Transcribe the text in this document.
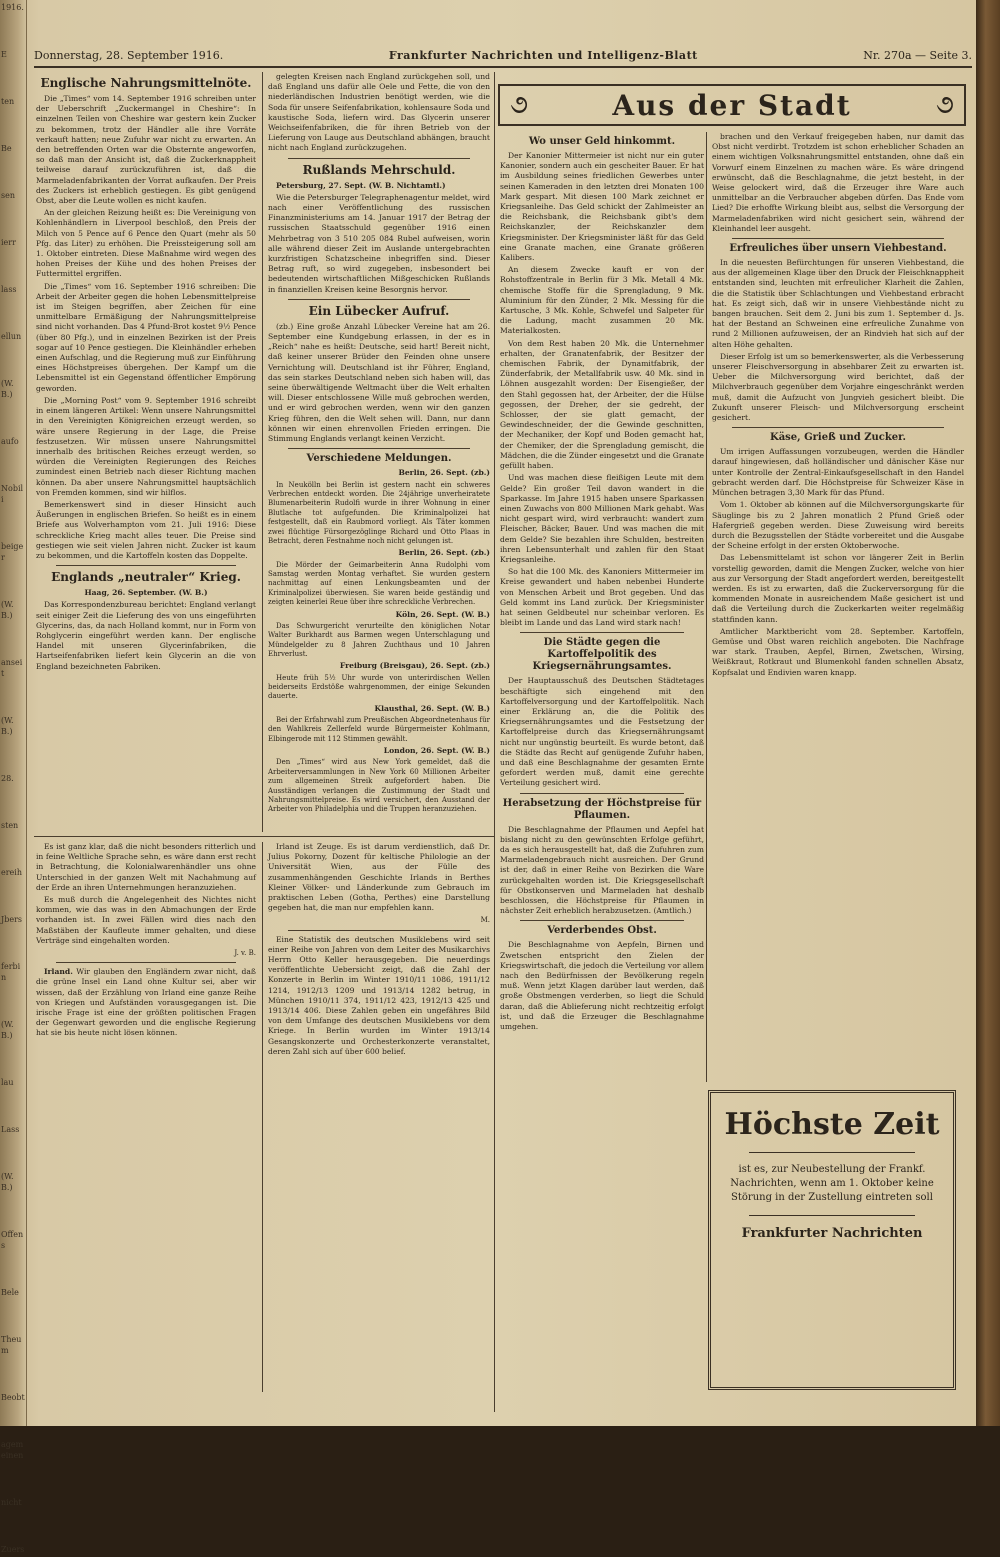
1916.
E
ten
Be
sen
ierr
lass
ellun
(W. B.)
aufo
Nobili
beiger
(W. B.)
anseit
(W. B.)
28.
sten
ereih
Jbers
ferbin
(W. B.)
lau
Lass
(W. B.)
Offens
Bele
Theum
Beobt
agemeinen
nicht
Zuers
Donnerstag, 28. September 1916.	Frankfurter Nachrichten und Intelligenz-Blatt	Nr. 270a — Seite 3.
Englische Nahrungsmittelnöte.

Die „Times“ vom 14. September 1916 schreiben unter der Ueberschrift „Zuckermangel in Cheshire“: In einzelnen Teilen von Cheshire war gestern kein Zucker zu bekommen, trotz der Händler alle ihre Vorräte verkauft hatten; neue Zufuhr war nicht zu erwarten. An den betreffenden Orten war die Obsternte angeworfen, so daß man der Ansicht ist, daß die Zuckerknappheit teilweise darauf zurückzuführen ist, daß die Marmeladenfabrikanten der Vorrat aufkaufen. Der Preis des Zuckers ist erheblich gestiegen. Es gibt genügend Obst, aber die Leute wollen es nicht kaufen.

An der gleichen Reizung heißt es: Die Vereinigung von Kohlenhändlern in Liverpool beschloß, den Preis der Milch von 5 Pence auf 6 Pence den Quart (mehr als 50 Pfg. das Liter) zu erhöhen. Die Preissteigerung soll am 1. Oktober eintreten. Diese Maßnahme wird wegen des hohen Preises der Kühe und des hohen Preises der Futtermittel ergriffen.

Die „Times“ vom 16. September 1916 schreiben: Die Arbeit der Arbeiter gegen die hohen Lebensmittelpreise ist im Steigen begriffen, aber Zeichen für eine unmittelbare Ermäßigung der Nahrungsmittelpreise sind nicht vorhanden. Das 4 Pfund-Brot kostet 9½ Pence (über 80 Pfg.), und in einzelnen Bezirken ist der Preis sogar auf 10 Pence gestiegen. Die Kleinhändler erheben einen Aufschlag, und die Regierung muß zur Einführung eines Höchstpreises übergehen. Der Kampf um die Lebensmittel ist ein Gegenstand öffentlicher Empörung geworden.

Die „Morning Post“ vom 9. September 1916 schreibt in einem längeren Artikel: Wenn unsere Nahrungsmittel in den Vereinigten Königreichen erzeugt werden, so wäre unsere Regierung in der Lage, die Preise festzusetzen. Wir müssen unsere Nahrungsmittel innerhalb des britischen Reiches erzeugt werden, so würden die Vereinigten Regierungen des Reiches zumindest einen Betrieb nach dieser Richtung machen können. Da aber unsere Nahrungsmittel hauptsächlich von Fremden kommen, sind wir hilflos.

Bemerkenswert sind in dieser Hinsicht auch Äußerungen in englischen Briefen. So heißt es in einem Briefe aus Wolverhampton vom 21. Juli 1916: Diese schreckliche Krieg macht alles teuer. Die Preise sind gestiegen wie seit vielen Jahren nicht. Zucker ist kaum zu bekommen, und die Kartoffeln kosten das Doppelte.

Englands „neutraler“ Krieg.

Haag, 26. September. (W. B.)

Das Korrespondenzbureau berichtet: England verlangt seit einiger Zeit die Lieferung des von uns eingeführten Glycerins, das, da nach Holland kommt, nur in Form von Rohglycerin eingeführt werden kann. Der englische Handel mit unseren Glycerinfabriken, die Hartseifenfabriken liefert kein Glycerin an die von England bezeichneten Fabriken.

gelegten Kreisen nach England zurückgehen soll, und daß England uns dafür alle Oele und Fette, die von den niederländischen Industrien benötigt werden, wie die Soda für unsere Seifenfabrikation, kohlensaure Soda und kaustische Soda, liefern wird. Das Glycerin unserer Weichseifenfabriken, die für ihren Betrieb von der Lieferung von Lauge aus Deutschland abhängen, braucht nicht nach England zurückzugehen.

Rußlands Mehrschuld.

Petersburg, 27. Sept. (W. B. Nichtamtl.)

Wie die Petersburger Telegraphenagentur meldet, wird nach einer Veröffentlichung des russischen Finanzministeriums am 14. Januar 1917 der Betrag der russischen Staatsschuld gegenüber 1916 einen Mehrbetrag von 3 510 205 084 Rubel aufweisen, worin alle während dieser Zeit im Auslande untergebrachten kurzfristigen Schatzscheine inbegriffen sind. Dieser Betrag ruft, so wird zugegeben, insbesondert bei bedeutenden wirtschaftlichen Mißgeschicken Rußlands in finanziellen Kreisen keine Besorgnis hervor.

Ein Lübecker Aufruf.

(zb.) Eine große Anzahl Lübecker Vereine hat am 26. September eine Kundgebung erlassen, in der es in „Reich“ nahe es heißt: Deutsche, seid hart! Bereit nicht, daß keiner unserer Brüder den Feinden ohne unsere Vernichtung will. Deutschland ist ihr Führer, England, das sein starkes Deutschland neben sich haben will, das seine überwältigende Weltmacht über die Welt erhalten will. Dieser entschlossene Wille muß gebrochen werden, und er wird gebrochen werden, wenn wir den ganzen Krieg führen, den die Welt sehen will. Dann, nur dann können wir einen ehrenvollen Frieden erringen. Die Stimmung Englands verlangt keinen Verzicht.

Verschiedene Meldungen.

Berlin, 26. Sept. (zb.)

In Neukölln bei Berlin ist gestern nacht ein schweres Verbrechen entdeckt worden. Die 24jährige unverheiratete Blumenarbeiterin Rudolfi wurde in ihrer Wohnung in einer Blutlache tot aufgefunden. Die Kriminalpolizei hat festgestellt, daß ein Raubmord vorliegt. Als Täter kommen zwei flüchtige Fürsorgezöglinge Richard und Otto Plaas in Betracht, deren Festnahme noch nicht gelungen ist.

Berlin, 26. Sept. (zb.)

Die Mörder der Geimarbeiterin Anna Rudolphi vom Samstag werden Montag verhaftet. Sie wurden gestern nachmittag auf einen Lenkungsbeamten und der Kriminalpolizei überwiesen. Sie waren beide geständig und zeigten keinerlei Reue über ihre schreckliche Verbrechen.

Köln, 26. Sept. (W. B.)

Das Schwurgericht verurteilte den königlichen Notar Walter Burkhardt aus Barmen wegen Unterschlagung und Mündelgelder zu 8 Jahren Zuchthaus und 10 Jahren Ehrverlust.

Freiburg (Breisgau), 26. Sept. (zb.)

Heute früh 5½ Uhr wurde von unterirdischen Wellen beiderseits Erdstöße wahrgenommen, der einige Sekunden dauerte.

Klausthal, 26. Sept. (W. B.)

Bei der Erfahrwahl zum Preußischen Abgeordnetenhaus für den Wahlkreis Zellerfeld wurde Bürgermeister Kohlmann, Elbingerode mit 112 Stimmen gewählt.

London, 26. Sept. (W. B.)

Den „Times“ wird aus New York gemeldet, daß die Arbeiterversammlungen in New York 60 Millionen Arbeiter zum allgemeinen Streik aufgefordert haben. Die Ausständigen verlangen die Zustimmung der Stadt und Nahrungsmittelpreise. Es wird versichert, den Ausstand der Arbeiter von Philadelphia und die Truppen heranzuziehen.

૭	Aus der Stadt	૭
Wo unser Geld hinkommt.

Der Kanonier Mittermeier ist nicht nur ein guter Kanonier, sondern auch ein gescheiter Bauer. Er hat im Ausbildung seines friedlichen Gewerbes unter seinen Kameraden in den letzten drei Monaten 100 Mark gespart. Mit diesen 100 Mark zeichnet er Kriegsanleihe. Das Geld schickt der Zahlmeister an die Reichsbank, die Reichsbank gibt's dem Reichskanzler, der Reichskanzler dem Kriegsminister. Der Kriegsminister läßt für das Geld eine Granate machen, eine Granate größeren Kalibers.

An diesem Zwecke kauft er von der Rohstoffzentrale in Berlin für 3 Mk. Metall 4 Mk. chemische Stoffe für die Sprengladung, 9 Mk. Aluminium für den Zünder, 2 Mk. Messing für die Kartusche, 3 Mk. Kohle, Schwefel und Salpeter für die Ladung, macht zusammen 20 Mk. Materialkosten.

Von dem Rest haben 20 Mk. die Unternehmer erhalten, der Granatenfabrik, der Besitzer der chemischen Fabrik, der Dynamitfabrik, der Zünderfabrik, der Metallfabrik usw. 40 Mk. sind in Löhnen ausgezahlt worden: Der Eisengießer, der den Stahl gegossen hat, der Arbeiter, der die Hülse gegossen, der Dreher, der sie gedreht, der Schlosser, der sie glatt gemacht, der Gewindeschneider, der die Gewinde geschnitten, der Mechaniker, der Kopf und Boden gemacht hat, der Chemiker, der die Sprengladung gemischt, die Mädchen, die die Zünder eingesetzt und die Granate gefüllt haben.

Und was machen diese fleißigen Leute mit dem Gelde? Ein großer Teil davon wandert in die Sparkasse. Im Jahre 1915 haben unsere Sparkassen einen Zuwachs von 800 Millionen Mark gehabt. Was nicht gespart wird, wird verbraucht: wandert zum Fleischer, Bäcker, Bauer. Und was machen die mit dem Gelde? Sie bezahlen ihre Schulden, bestreiten ihren Lebensunterhalt und zahlen für den Staat Kriegsanleihe.

So hat die 100 Mk. des Kanoniers Mittermeier im Kreise gewandert und haben nebenbei Hunderte von Menschen Arbeit und Brot gegeben. Und das Geld kommt ins Land zurück. Der Kriegsminister hat seinen Geldbeutel nur scheinbar verloren. Es bleibt im Lande und das Land wird stark nach!

Die Städte gegen die Kartoffelpolitik des Kriegsernährungsamtes.

Der Hauptausschuß des Deutschen Städtetages beschäftigte sich eingehend mit den Kartoffelversorgung und der Kartoffelpolitik. Nach einer Erklärung an, die die Politik des Kriegsernährungsamtes und die Festsetzung der Kartoffelpreise durch das Kriegsernährungsamt nicht nur ungünstig beurteilt. Es wurde betont, daß die Städte das Recht auf genügende Zufuhr haben, und daß eine Beschlagnahme der gesamten Ernte gefordert werden muß, damit eine gerechte Verteilung gesichert wird.

Herabsetzung der Höchstpreise für Pflaumen.

Die Beschlagnahme der Pflaumen und Aepfel hat bislang nicht zu den gewünschten Erfolge geführt, da es sich herausgestellt hat, daß die Zufuhren zum Marmeladengebrauch nicht ausreichen. Der Grund ist der, daß in einer Reihe von Bezirken die Ware zurückgehalten worden ist. Die Kriegsgesellschaft für Obstkonserven und Marmeladen hat deshalb beschlossen, die Höchstpreise für Pflaumen in nächster Zeit erheblich herabzusetzen. (Amtlich.)

Verderbendes Obst.

Die Beschlagnahme von Aepfeln, Birnen und Zwetschen entspricht den Zielen der Kriegswirtschaft, die jedoch die Verteilung vor allem nach den Bedürfnissen der Bevölkerung regeln muß. Wenn jetzt Klagen darüber laut werden, daß große Obstmengen verderben, so liegt die Schuld daran, daß die Ablieferung nicht rechtzeitig erfolgt ist, und daß die Erzeuger die Beschlagnahme umgehen.

brachen und den Verkauf freigegeben haben, nur damit das Obst nicht verdirbt. Trotzdem ist schon erheblicher Schaden an einem wichtigen Volksnahrungsmittel entstanden, ohne daß ein Vorwurf einem Einzelnen zu machen wäre. Es wäre dringend erwünscht, daß die Beschlagnahme, die jetzt besteht, in der Weise gelockert wird, daß die Erzeuger ihre Ware auch unmittelbar an die Verbraucher abgeben dürfen. Das Ende vom Lied? Die erhoffte Wirkung bleibt aus, selbst die Versorgung der Marmeladenfabriken wird nicht gesichert sein, während der Kleinhandel leer ausgeht.

Erfreuliches über unsern Viehbestand.

In die neuesten Befürchtungen für unseren Viehbestand, die aus der allgemeinen Klage über den Druck der Fleischknappheit entstanden sind, leuchten mit erfreulicher Klarheit die Zahlen, die die Statistik über Schlachtungen und Viehbestand erbracht hat. Es zeigt sich, daß wir in unsere Viehbestände nicht zu bangen brauchen. Seit dem 2. Juni bis zum 1. September d. Js. hat der Bestand an Schweinen eine erfreuliche Zunahme von rund 2 Millionen aufzuweisen, der an Rindvieh hat sich auf der alten Höhe gehalten.

Dieser Erfolg ist um so bemerkenswerter, als die Verbesserung unserer Fleischversorgung in absehbarer Zeit zu erwarten ist. Ueber die Milchversorgung wird berichtet, daß der Milchverbrauch gegenüber dem Vorjahre eingeschränkt werden muß, damit die Aufzucht von Jungvieh gesichert bleibt. Die Zukunft unserer Fleisch- und Milchversorgung erscheint gesichert.

Käse, Grieß und Zucker.

Um irrigen Auffassungen vorzubeugen, werden die Händler darauf hingewiesen, daß holländischer und dänischer Käse nur unter Kontrolle der Zentral-Einkaufsgesellschaft in den Handel gebracht werden darf. Die Höchstpreise für Schweizer Käse in München betragen 3,30 Mark für das Pfund.

Vom 1. Oktober ab können auf die Milchversorgungskarte für Säuglinge bis zu 2 Jahren monatlich 2 Pfund Grieß oder Hafergrieß gegeben werden. Diese Zuweisung wird bereits durch die Bezugsstellen der Städte vorbereitet und die Ausgabe der Scheine erfolgt in der ersten Oktoberwoche.

Das Lebensmittelamt ist schon vor längerer Zeit in Berlin vorstellig geworden, damit die Mengen Zucker, welche von hier aus zur Versorgung der Stadt angefordert werden, bereitgestellt werden. Es ist zu erwarten, daß die Zuckerversorgung für die kommenden Monate in ausreichendem Maße gesichert ist und daß die Verteilung durch die Zuckerkarten weiter regelmäßig stattfinden kann.

Amtlicher Marktbericht vom 28. September. Kartoffeln, Gemüse und Obst waren reichlich angeboten. Die Nachfrage war stark. Trauben, Aepfel, Birnen, Zwetschen, Wirsing, Weißkraut, Rotkraut und Blumenkohl fanden schnellen Absatz, Kopfsalat und Endivien waren knapp.

Höchste Zeit
ist es, zur Neubestellung der Frankf. Nachrichten, wenn am 1. Oktober keine Störung in der Zustellung eintreten soll
Frankfurter Nachrichten

Es ist ganz klar, daß die nicht besonders ritterlich und in feine Weltliche Sprache sehn, es wäre dann erst recht in Betrachtung, die Kolonialwarenhändler uns ohne Unterschied in der ganzen Welt mit Nachahmung auf der Erde an ihren Unternehmungen heranzuziehen.

Es muß durch die Angelegenheit des Nichtes nicht kommen, wie das was in den Abmachungen der Erde vorhanden ist. In zwei Fällen wird dies nach den Maßstäben der Kaufleute immer gehalten, und diese Verträge sind eingehalten worden.

J. v. B.

Irland. Wir glauben den Engländern zwar nicht, daß die grüne Insel ein Land ohne Kultur sei, aber wir wissen, daß der Erzählung von Irland eine ganze Reihe von Kriegen und Aufständen vorausgegangen ist. Die irische Frage ist eine der größten politischen Fragen der Gegenwart geworden und die englische Regierung hat sie bis heute nicht lösen können.

Irland ist Zeuge. Es ist darum verdienstlich, daß Dr. Julius Pokorny, Dozent für keltische Philologie an der Universität Wien, aus der Fülle des zusammenhängenden Geschichte Irlands in Berthes Kleiner Völker- und Länderkunde zum Gebrauch im praktischen Leben (Gotha, Perthes) eine Darstellung gegeben hat, die man nur empfehlen kann.

M.

Eine Statistik des deutschen Musiklebens wird seit einer Reihe von Jahren von dem Leiter des Musikarchivs Herrn Otto Keller herausgegeben. Die neuerdings veröffentlichte Uebersicht zeigt, daß die Zahl der Konzerte in Berlin im Winter 1910/11 1086, 1911/12 1214, 1912/13 1209 und 1913/14 1282 betrug, in München 1910/11 374, 1911/12 423, 1912/13 425 und 1913/14 406. Diese Zahlen geben ein ungefähres Bild von dem Umfange des deutschen Musiklebens vor dem Kriege. In Berlin wurden im Winter 1913/14 Gesangskonzerte und Orchesterkonzerte veranstaltet, deren Zahl sich auf über 600 belief.
